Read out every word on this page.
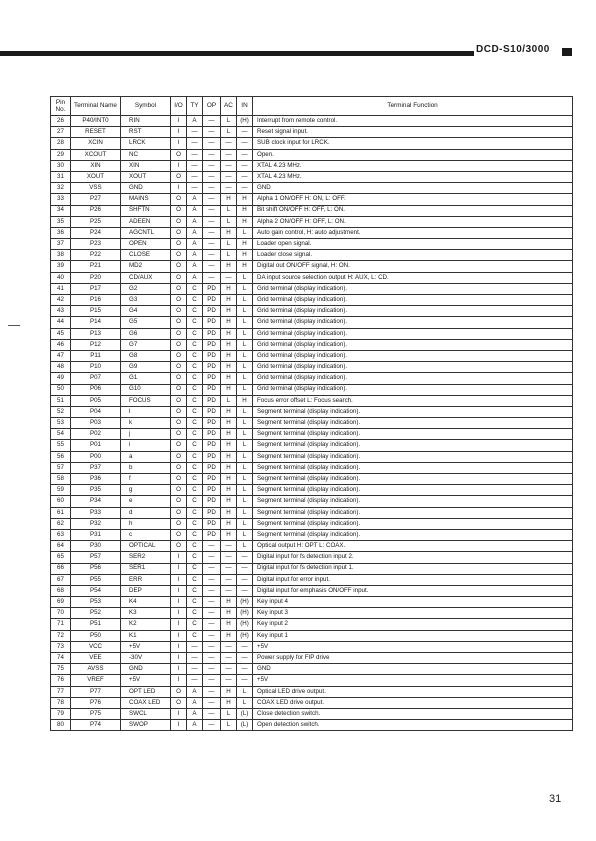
DCD-S10/3000
Pin No.	Terminal Name	Symbol	I/O	TY	OP	AC	IN	Terminal Function
26	P40/INT0	RIN	I	A	—	L	(H)	Interrupt from remote control.
27	RESET	RST	I	—	—	L	—	Reset signal input.
28	XCIN	LRCK	I	—	—	—	—	SUB clock input for LRCK.
29	XCOUT	NC	O	—	—	—	—	Open.
30	XIN	XIN	I	—	—	—	—	XTAL 4.23 MHz.
31	XOUT	XOUT	O	—	—	—	—	XTAL 4.23 MHz.
32	VSS	GND	I	—	—	—	—	GND
33	P27	MAINS	O	A	—	H	H	Alpha 1 ON/OFF H: ON, L: OFF.
34	P26	SHFTN	O	A	—	L	H	Bit shift ON/OFF H: OFF, L: ON.
35	P25	ADEEN	O	A	—	L	H	Alpha 2 ON/OFF H: OFF, L: ON.
36	P24	AGCNTL	O	A	—	H	L	Auto gain control, H: auto adjustment.
37	P23	OPEN	O	A	—	L	H	Loader open signal.
38	P22	CLOSE	O	A	—	L	H	Loader close signal.
39	P21	MD2	O	A	—	H	H	Digital out ON/OFF signal, H: ON.
40	P20	CD/AUX	O	A	—	—	L	DA input source selection output H: AUX, L: CD.
41	P17	G2	O	C	PD	H	L	Grid terminal (display indication).
42	P16	G3	O	C	PD	H	L	Grid terminal (display indication).
43	P15	G4	O	C	PD	H	L	Grid terminal (display indication).
44	P14	G5	O	C	PD	H	L	Grid terminal (display indication).
45	P13	G6	O	C	PD	H	L	Grid terminal (display indication).
46	P12	G7	O	C	PD	H	L	Grid terminal (display indication).
47	P11	G8	O	C	PD	H	L	Grid terminal (display indication).
48	P10	G9	O	C	PD	H	L	Grid terminal (display indication).
49	P07	G1	O	C	PD	H	L	Grid terminal (display indication).
50	P06	G10	O	C	PD	H	L	Grid terminal (display indication).
51	P05	FOCUS	O	C	PD	L	H	Focus error offset L: Focus search.
52	P04	l	O	C	PD	H	L	Segment terminal (display indication).
53	P03	k	O	C	PD	H	L	Segment terminal (display indication).
54	P02	j	O	C	PD	H	L	Segment terminal (display indication).
55	P01	i	O	C	PD	H	L	Segment terminal (display indication).
56	P00	a	O	C	PD	H	L	Segment terminal (display indication).
57	P37	b	O	C	PD	H	L	Segment terminal (display indication).
58	P36	f	O	C	PD	H	L	Segment terminal (display indication).
59	P35	g	O	C	PD	H	L	Segment terminal (display indication).
60	P34	e	O	C	PD	H	L	Segment terminal (display indication).
61	P33	d	O	C	PD	H	L	Segment terminal (display indication).
62	P32	h	O	C	PD	H	L	Segment terminal (display indication).
63	P31	c	O	C	PD	H	L	Segment terminal (display indication).
64	P30	OPTICAL	O	C	—	—	L	Optical output H: OPT L: COAX.
65	P57	SER2	I	C	—	—	—	Digital input for fs detection input 2.
66	P56	SER1	I	C	—	—	—	Digital input for fs detection input 1.
67	P55	ERR	I	C	—	—	—	Digital input for error input.
68	P54	DEP	I	C	—	—	—	Digital input for emphasis ON/OFF input.
69	P53	K4	I	C	—	H	(H)	Key input 4
70	P52	K3	I	C	—	H	(H)	Key input 3
71	P51	K2	I	C	—	H	(H)	Key input 2
72	P50	K1	I	C	—	H	(H)	Key input 1
73	VCC	+5V	I	—	—	—	—	+5V
74	VEE	-30V	I	—	—	—	—	Power supply for FIP drive
75	AVSS	GND	I	—	—	—	—	GND
76	VREF	+5V	I	—	—	—	—	+5V
77	P77	OPT LED	O	A	—	H	L	Optical LED drive output.
78	P76	COAX LED	O	A	—	H	L	COAX LED drive output.
79	P75	SWCL	I	A	—	L	(L)	Close detection switch.
80	P74	SWOP	I	A	—	L	(L)	Open detection switch.
31
